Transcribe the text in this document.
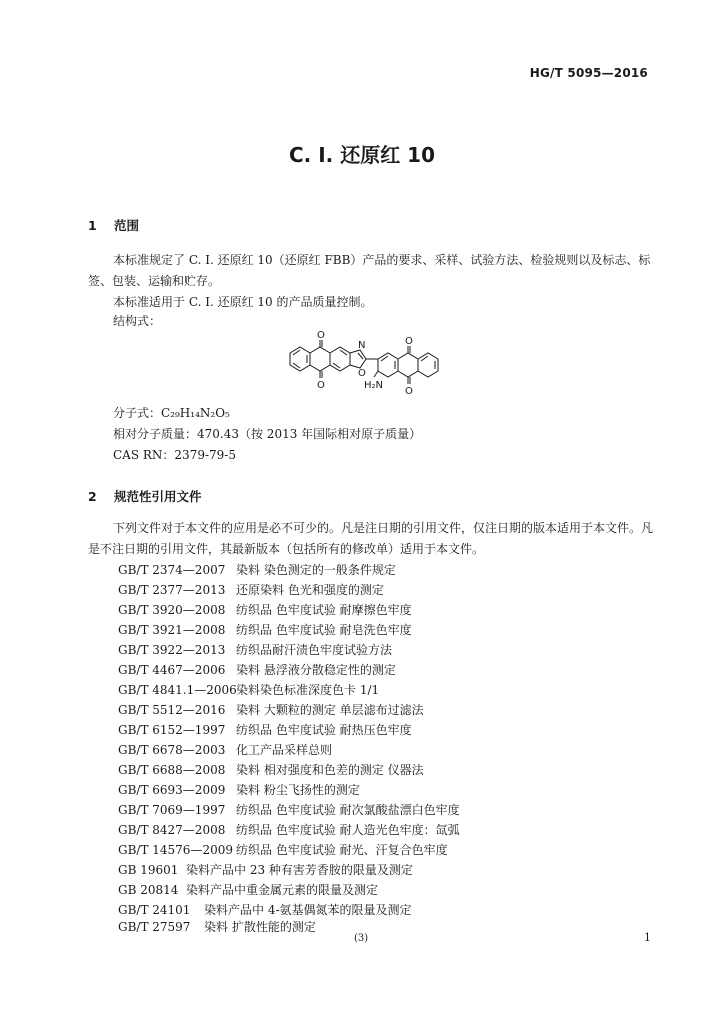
HG/T 5095—2016
C. I. 还原红 10
1 范围
本标准规定了 C. I. 还原红 10（还原红 FBB）产品的要求、采样、试验方法、检验规则以及标志、标签、包装、运输和贮存。
本标准适用于 C. I. 还原红 10 的产品质量控制。
结构式：
O
O
O
O
N
O
H₂N
分子式：C₂₉H₁₄N₂O₅
相对分子质量：470.43（按 2013 年国际相对原子质量）
CAS RN：2379-79-5
2 规范性引用文件
下列文件对于本文件的应用是必不可少的。凡是注日期的引用文件，仅注日期的版本适用于本文件。凡是不注日期的引用文件，其最新版本（包括所有的修改单）适用于本文件。
GB/T 2374—2007 染料 染色测定的一般条件规定
GB/T 2377—2013 还原染料 色光和强度的测定
GB/T 3920—2008 纺织品 色牢度试验 耐摩擦色牢度
GB/T 3921—2008 纺织品 色牢度试验 耐皂洗色牢度
GB/T 3922—2013 纺织品耐汗渍色牢度试验方法
GB/T 4467—2006 染料 悬浮液分散稳定性的测定
GB/T 4841.1—2006染料染色标准深度色卡 1/1
GB/T 5512—2016 染料 大颗粒的测定 单层滤布过滤法
GB/T 6152—1997 纺织品 色牢度试验 耐热压色牢度
GB/T 6678—2003 化工产品采样总则
GB/T 6688—2008 染料 相对强度和色差的测定 仪器法
GB/T 6693—2009 染料 粉尘飞扬性的测定
GB/T 7069—1997 纺织品 色牢度试验 耐次氯酸盐漂白色牢度
GB/T 8427—2008 纺织品 色牢度试验 耐人造光色牢度：氙弧
GB/T 14576—2009 纺织品 色牢度试验 耐光、汗复合色牢度
GB 19601 染料产品中 23 种有害芳香胺的限量及测定
GB 20814 染料产品中重金属元素的限量及测定
GB/T 24101 染料产品中 4-氨基偶氮苯的限量及测定
GB/T 27597 染料 扩散性能的测定
(3)	1
